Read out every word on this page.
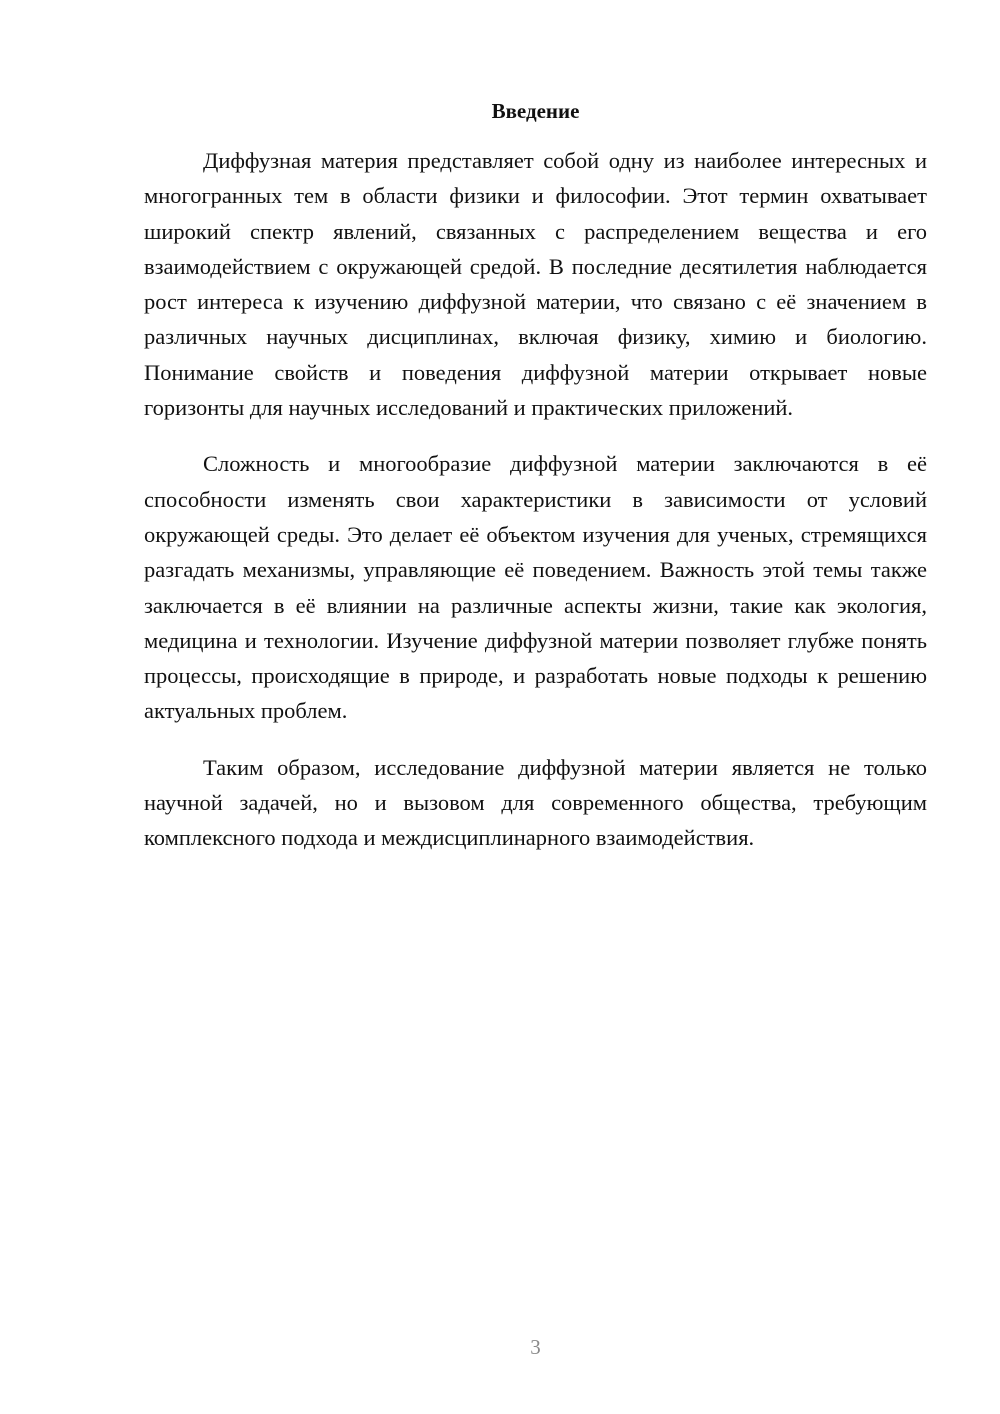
Введение

Диффузная материя представляет собой одну из наиболее интересных и многогранных тем в области физики и философии. Этот термин охватывает широкий спектр явлений, связанных с распределением вещества и его взаимодействием с окружающей средой. В последние десятилетия наблюдается рост интереса к изучению диффузной материи, что связано с её значением в различных научных дисциплинах, включая физику, химию и биологию. Понимание свойств и поведения диффузной материи открывает новые горизонты для научных исследований и практических приложений.

Сложность и многообразие диффузной материи заключаются в её способности изменять свои характеристики в зависимости от условий окружающей среды. Это делает её объектом изучения для ученых, стремящихся разгадать механизмы, управляющие её поведением. Важность этой темы также заключается в её влиянии на различные аспекты жизни, такие как экология, медицина и технологии. Изучение диффузной материи позволяет глубже понять процессы, происходящие в природе, и разработать новые подходы к решению актуальных проблем.

Таким образом, исследование диффузной материи является не только научной задачей, но и вызовом для современного общества, требующим комплексного подхода и междисциплинарного взаимодействия.

3
